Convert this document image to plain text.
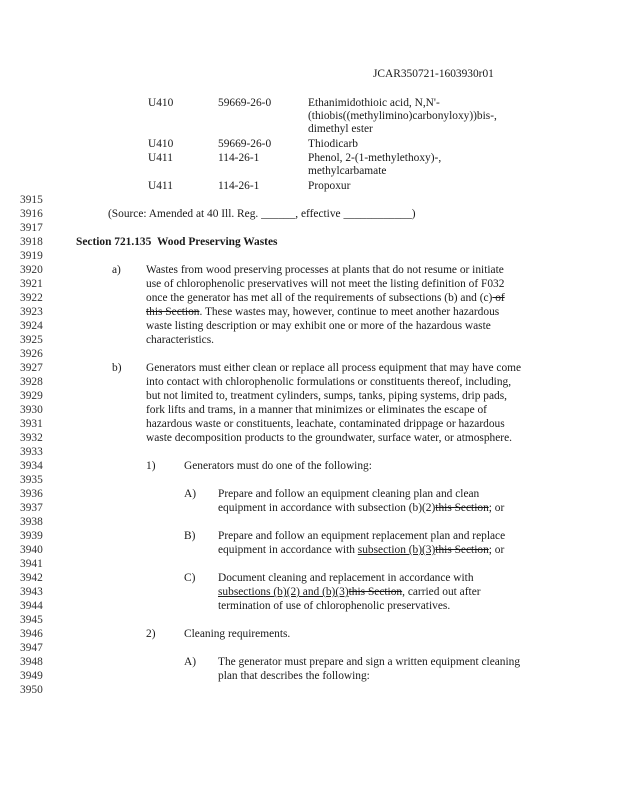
JCAR350721-1603930r01
U410	59669-26-0	Ethanimidothioic acid, N,N'-
(thiobis((methylimino)carbonyloxy))bis-,
dimethyl ester
U410	59669-26-0	Thiodicarb
U411	114-26-1	Phenol, 2-(1-methylethoxy)-,
methylcarbamate
U411	114-26-1	Propoxur
3915
3916
3917
3918
3919
3920
3921
3922
3923
3924
3925
3926
3927
3928
3929
3930
3931
3932
3933
3934
3935
3936
3937
3938
3939
3940
3941
3942
3943
3944
3945
3946
3947
3948
3949
3950
(Source: Amended at 40 Ill. Reg. ______, effective ____________)
Section 721.135 Wood Preserving Wastes
a) Wastes from wood preserving processes at plants that do not resume or initiate
use of chlorophenolic preservatives will not meet the listing definition of F032
once the generator has met all of the requirements of subsections (b) and (c) of
this Section. These wastes may, however, continue to meet another hazardous
waste listing description or may exhibit one or more of the hazardous waste
characteristics.
b) Generators must either clean or replace all process equipment that may have come
into contact with chlorophenolic formulations or constituents thereof, including,
but not limited to, treatment cylinders, sumps, tanks, piping systems, drip pads,
fork lifts and trams, in a manner that minimizes or eliminates the escape of
hazardous waste or constituents, leachate, contaminated drippage or hazardous
waste decomposition products to the groundwater, surface water, or atmosphere.
1)	Generators must do one of the following:
A) Prepare and follow an equipment cleaning plan and clean
equipment in accordance with subsection (b)(2)this Section; or
B) Prepare and follow an equipment replacement plan and replace
equipment in accordance with subsection (b)(3)this Section; or
C) Document cleaning and replacement in accordance with
subsections (b)(2) and (b)(3)this Section, carried out after
termination of use of chlorophenolic preservatives.
2)	Cleaning requirements.
A) The generator must prepare and sign a written equipment cleaning
plan that describes the following:
